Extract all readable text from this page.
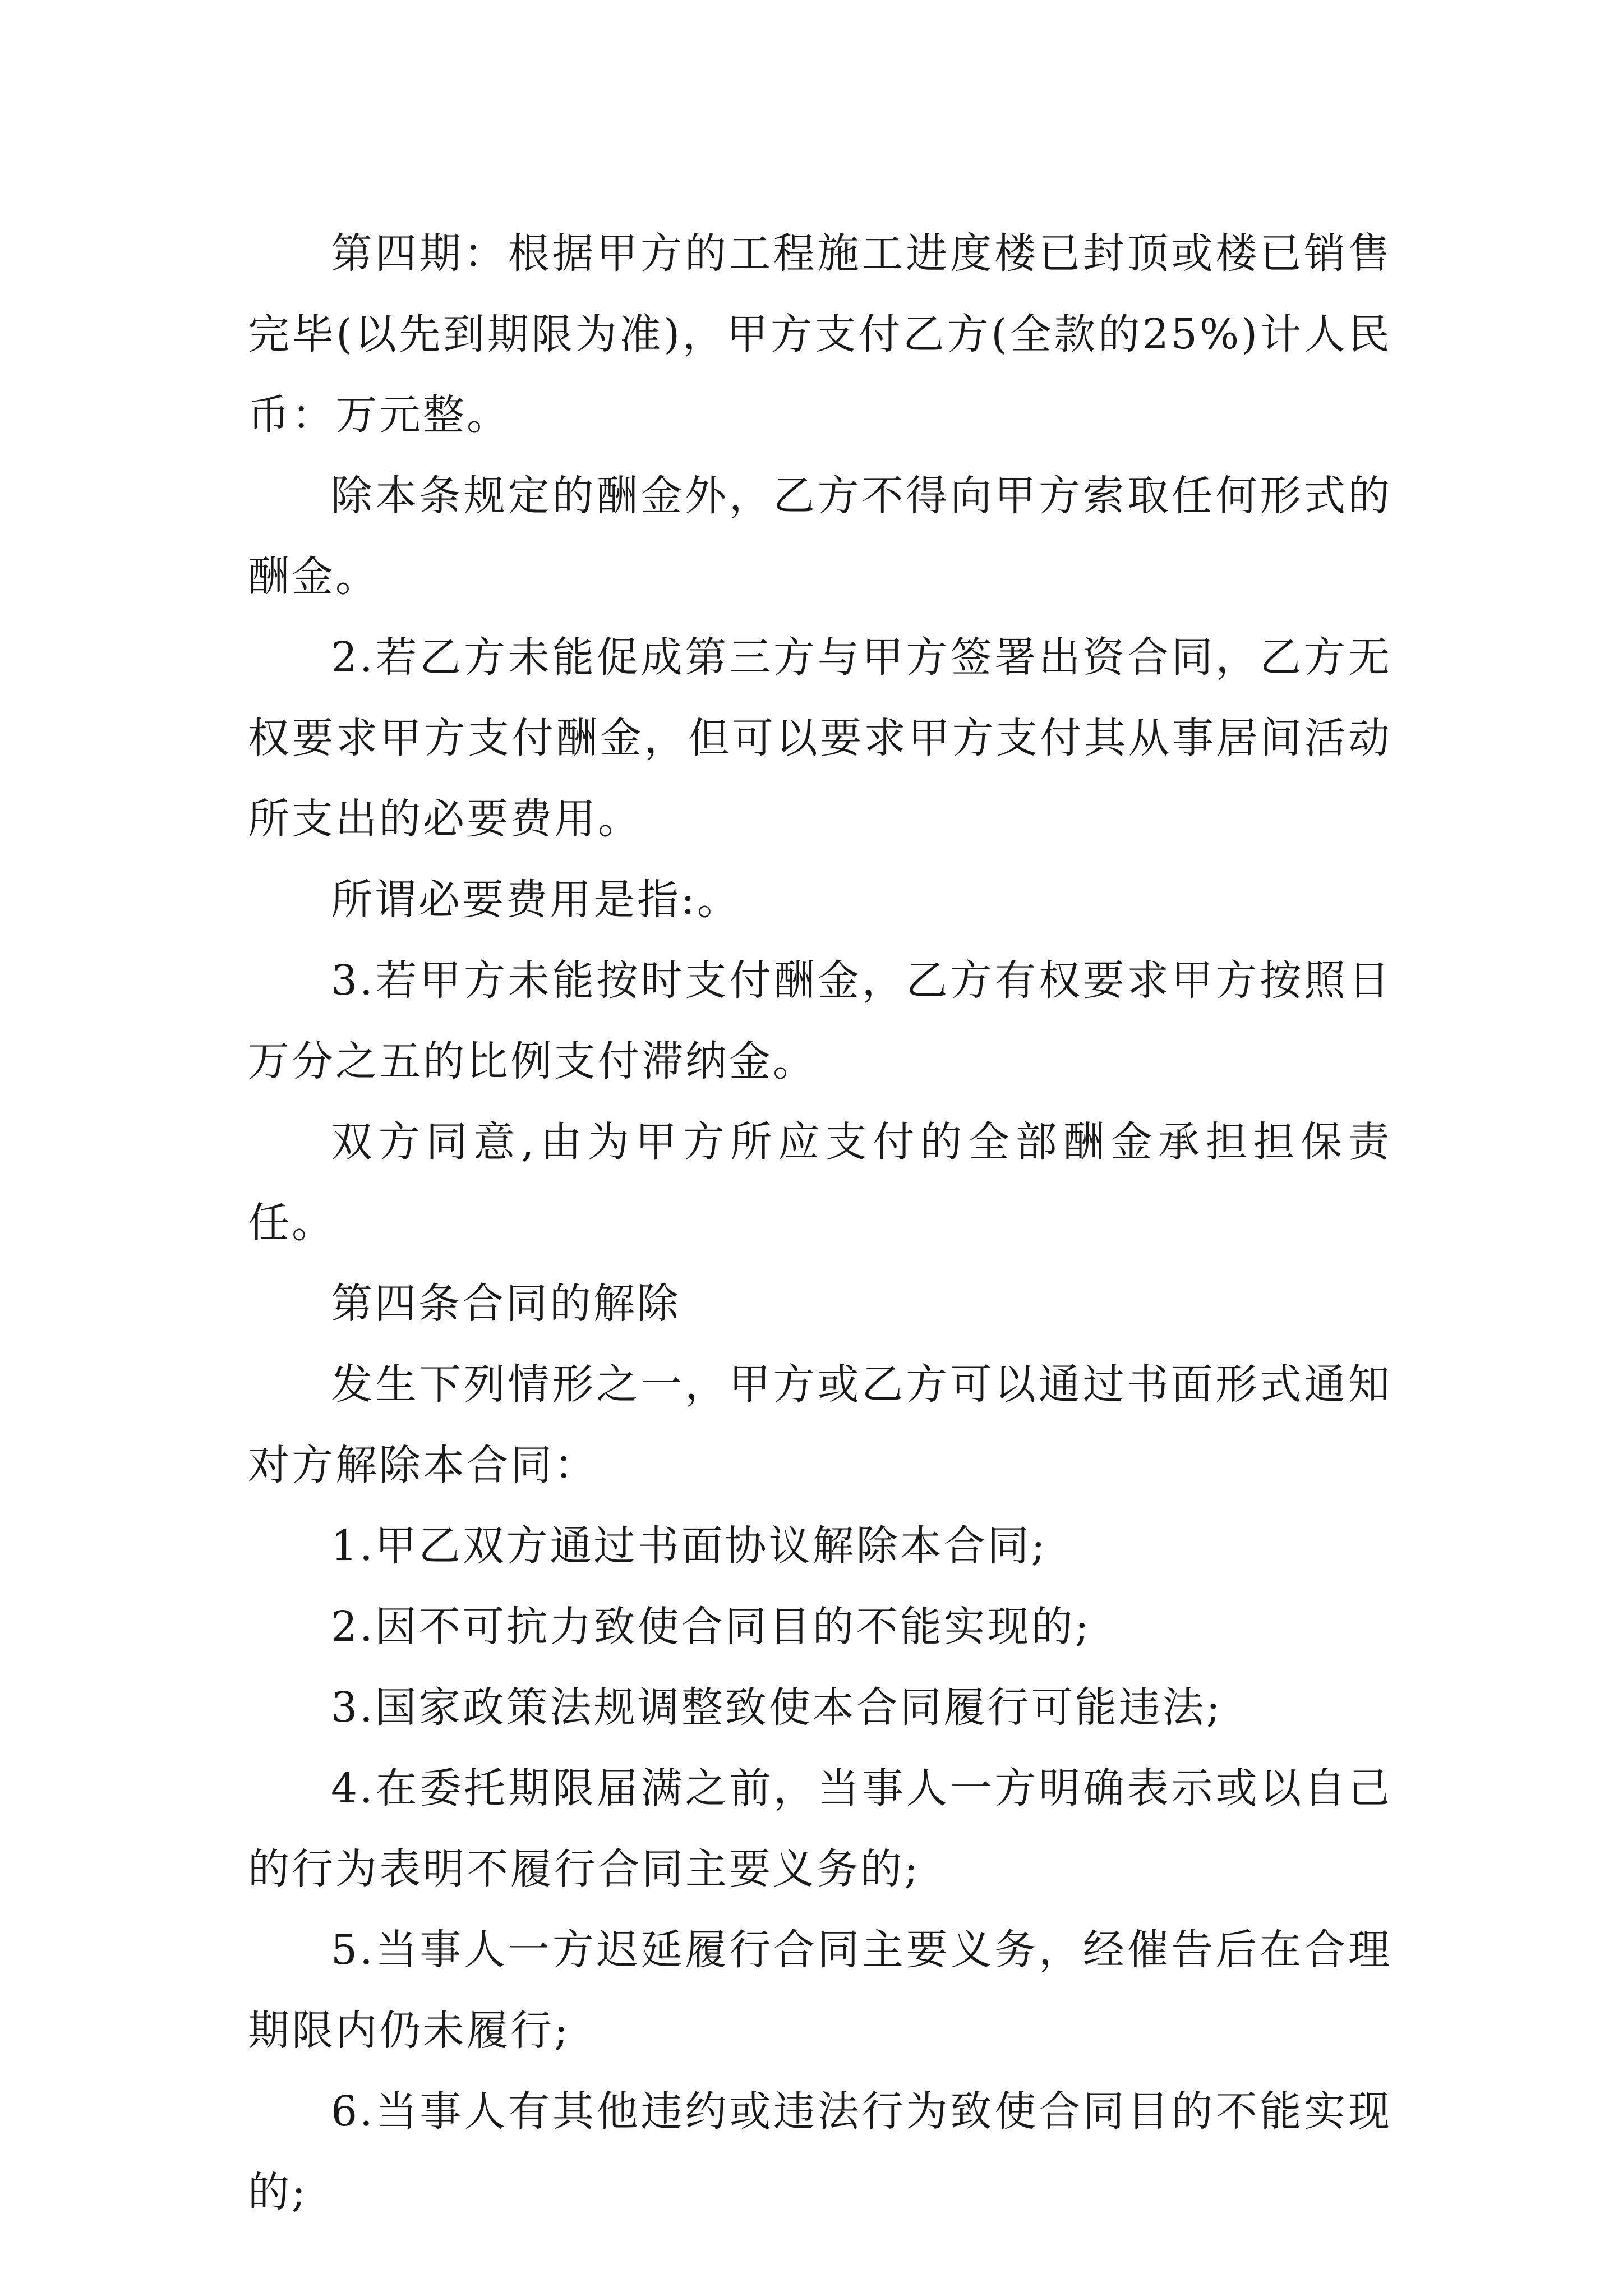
第四期：根据甲方的工程施工进度楼已封顶或楼已销售完毕(以先到期限为准)，甲方支付乙方(全款的25%)计人民币：万元整。

除本条规定的酬金外，乙方不得向甲方索取任何形式的酬金。

2.若乙方未能促成第三方与甲方签署出资合同，乙方无权要求甲方支付酬金，但可以要求甲方支付其从事居间活动所支出的必要费用。

所谓必要费用是指:。

3.若甲方未能按时支付酬金，乙方有权要求甲方按照日万分之五的比例支付滞纳金。

双方同意,由为甲方所应支付的全部酬金承担担保责任。

第四条合同的解除

发生下列情形之一，甲方或乙方可以通过书面形式通知对方解除本合同：

1.甲乙双方通过书面协议解除本合同;

2.因不可抗力致使合同目的不能实现的;

3.国家政策法规调整致使本合同履行可能违法;

4.在委托期限届满之前，当事人一方明确表示或以自己的行为表明不履行合同主要义务的;

5.当事人一方迟延履行合同主要义务，经催告后在合理期限内仍未履行;

6.当事人有其他违约或违法行为致使合同目的不能实现的;
